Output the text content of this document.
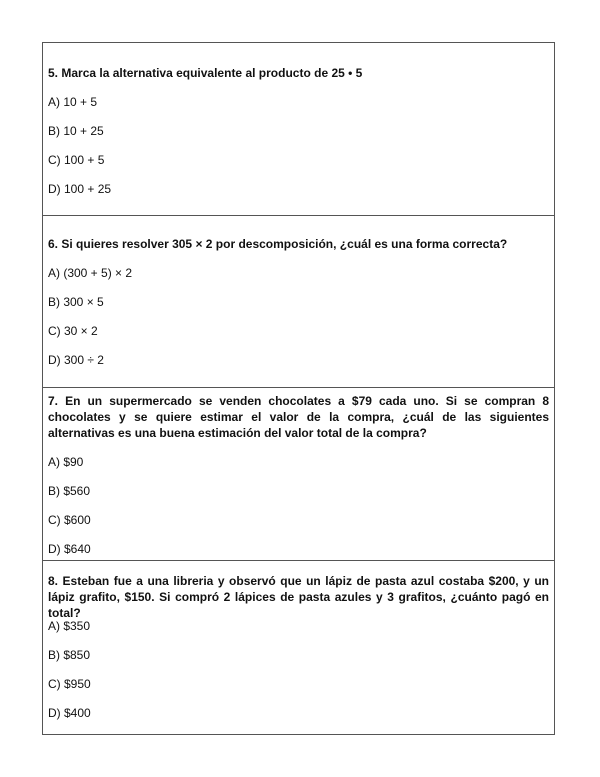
5. Marca la alternativa equivalente al producto de 25 • 5

A) 10 + 5

B) 10 + 25

C) 100 + 5

D) 100 + 25

6. Si quieres resolver 305 × 2 por descomposición, ¿cuál es una forma correcta?

A) (300 + 5) × 2

B) 300 × 5

C) 30 × 2

D) 300 ÷ 2

7. En un supermercado se venden chocolates a $79 cada uno. Si se compran 8 chocolates y se quiere estimar el valor de la compra, ¿cuál de las siguientes alternativas es una buena estimación del valor total de la compra?

A) $90

B) $560

C) $600

D) $640

8. Esteban fue a una libreria y observó que un lápiz de pasta azul costaba $200, y un lápiz grafito, $150. Si compró 2 lápices de pasta azules y 3 grafitos, ¿cuánto pagó en total?

A) $350

B) $850

C) $950

D) $400
